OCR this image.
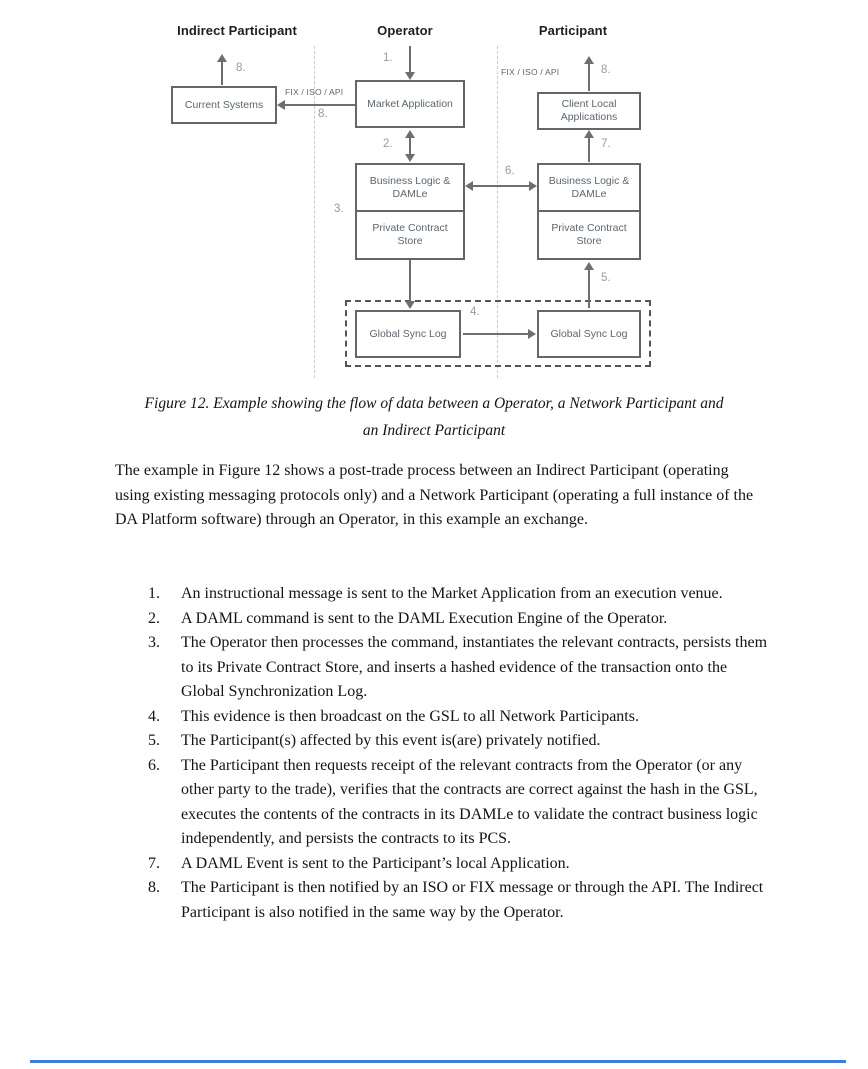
Indirect Participant	Operator	Participant
Current Systems	Market Application
Business Logic & DAMLe
Private Contract Store
Client Local Applications
Business Logic & DAMLe
Private Contract Store
Global Sync Log	Global Sync Log
1.
2.
3.
4.
5.
6.
7.
8.
FIX / ISO / API
8.
FIX / ISO / API
8.
Figure 12. Example showing the flow of data between a Operator, a Network Participant and an Indirect Participant
The example in Figure 12 shows a post-trade process between an Indirect Participant (operating using existing messaging protocols only) and a Network Participant (operating a full instance of the DA Platform software) through an Operator, in this example an exchange.
1.	An instructional message is sent to the Market Application from an execution venue.
2.	A DAML command is sent to the DAML Execution Engine of the Operator.
3.	The Operator then processes the command, instantiates the relevant contracts, persists them to its Private Contract Store, and inserts a hashed evidence of the transaction onto the Global Synchronization Log.
4.	This evidence is then broadcast on the GSL to all Network Participants.
5.	The Participant(s) affected by this event is(are) privately notified.
6.	The Participant then requests receipt of the relevant contracts from the Operator (or any other party to the trade), verifies that the contracts are correct against the hash in the GSL, executes the contents of the contracts in its DAMLe to validate the contract business logic independently, and persists the contracts to its PCS.
7.	A DAML Event is sent to the Participant’s local Application.
8.	The Participant is then notified by an ISO or FIX message or through the API. The Indirect Participant is also notified in the same way by the Operator.
